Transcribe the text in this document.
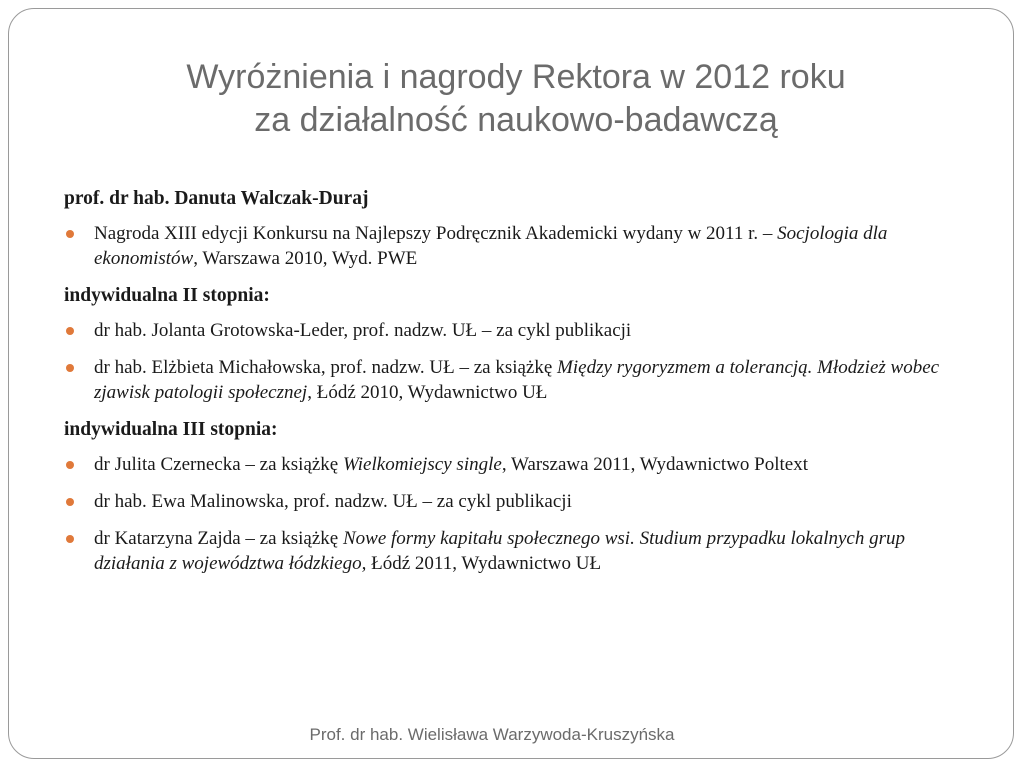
Wyróżnienia i nagrody Rektora w 2012 roku
za działalność naukowo-badawczą
prof. dr hab. Danuta Walczak-Duraj
Nagroda XIII edycji Konkursu na Najlepszy Podręcznik Akademicki wydany w 2011 r. – Socjologia dla ekonomistów, Warszawa 2010, Wyd. PWE
indywidualna II stopnia:
dr hab. Jolanta Grotowska-Leder, prof. nadzw. UŁ – za cykl publikacji
dr hab. Elżbieta Michałowska, prof. nadzw. UŁ – za książkę Między rygoryzmem a tolerancją. Młodzież wobec zjawisk patologii społecznej, Łódź 2010, Wydawnictwo UŁ
indywidualna III stopnia:
dr Julita Czernecka – za książkę Wielkomiejscy single, Warszawa 2011, Wydawnictwo Poltext
dr hab. Ewa Malinowska, prof. nadzw. UŁ – za cykl publikacji
dr Katarzyna Zajda – za książkę Nowe formy kapitału społecznego wsi. Studium przypadku lokalnych grup działania z województwa łódzkiego, Łódź 2011, Wydawnictwo UŁ
Prof. dr hab. Wielisława Warzywoda-Kruszyńska
